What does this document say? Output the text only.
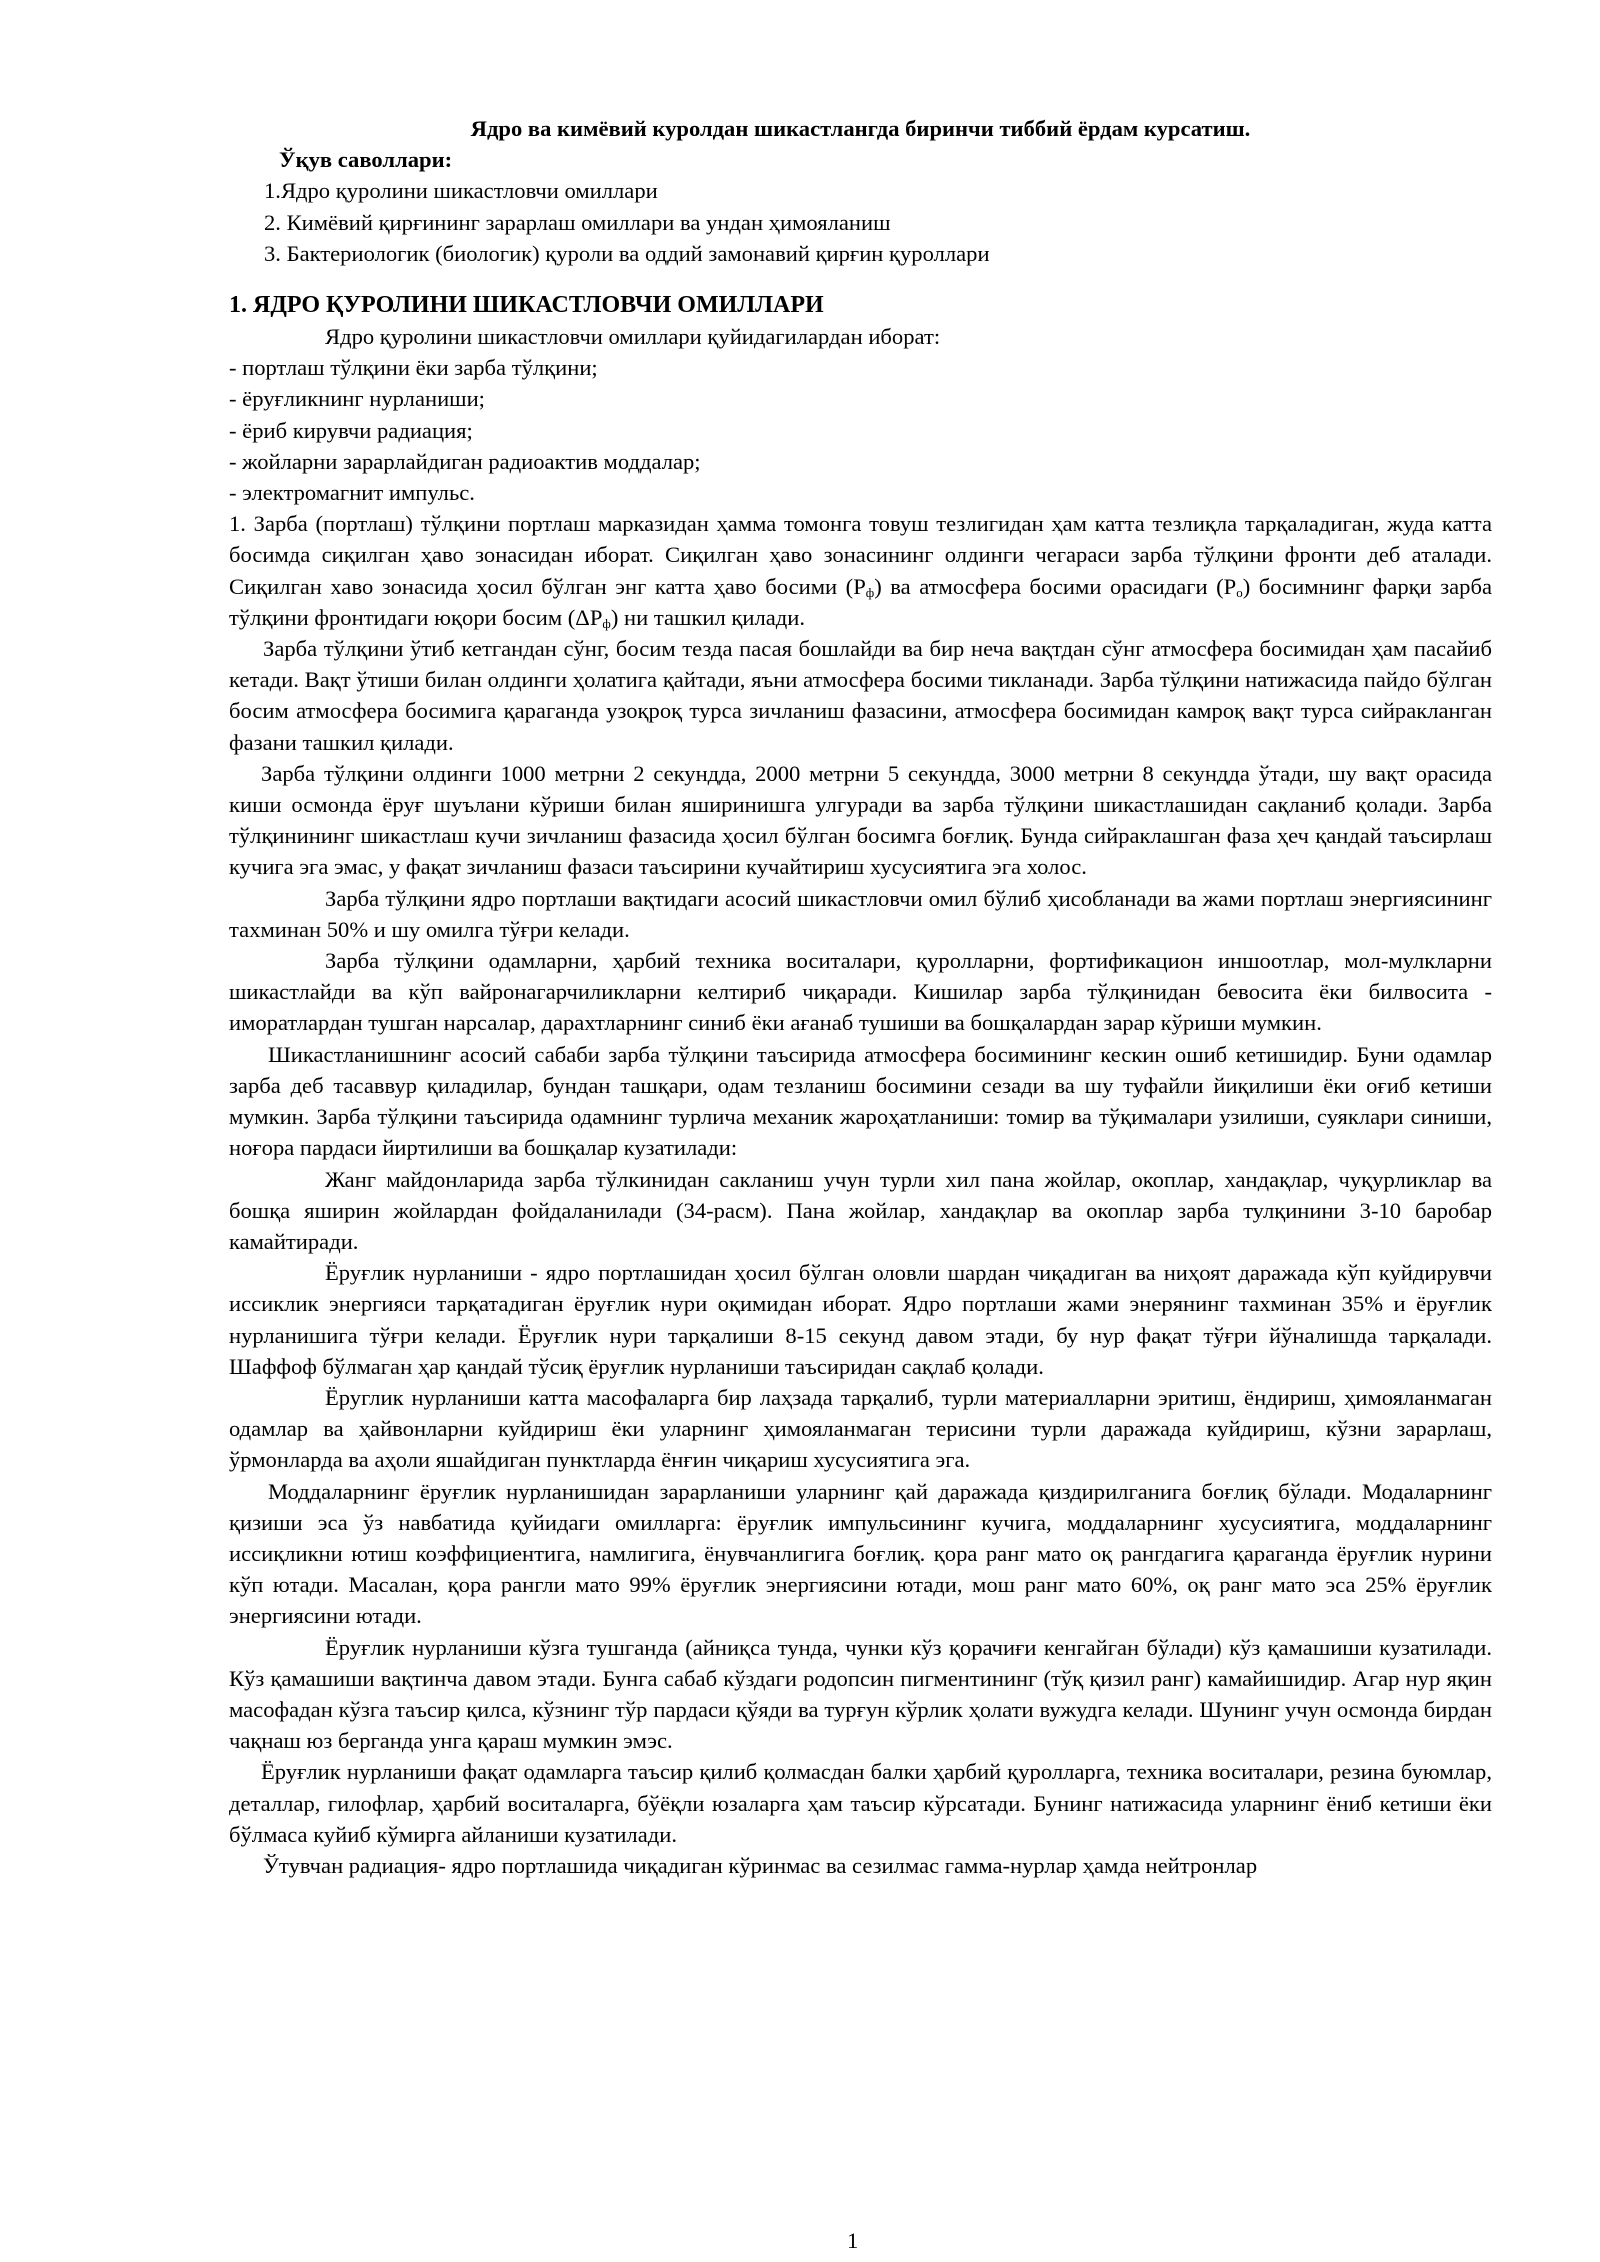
Ядро ва кимёвий куролдан шикастлангда биринчи тиббий ёрдам курсатиш.

Ўқув саволлари:

1.Ядро қуролини шикастловчи омиллари

2. Кимёвий қирғининг зарарлаш омиллари ва ундан ҳимояланиш

3. Бактериологик (биологик) қуроли ва оддий замонавий қирғин қуроллари

1. ЯДРО ҚУРОЛИНИ ШИКАСТЛОВЧИ ОМИЛЛАРИ

Ядро қуролини шикастловчи омиллари қуйидагилардан иборат:

- портлаш тўлқини ёки зарба тўлқини;

- ёруғликнинг нурланиши;

- ёриб кирувчи радиация;

- жойларни зарарлайдиган радиоактив моддалар;

- электромагнит импульс.

1. Зарба (портлаш) тўлқини портлаш марказидан ҳамма томонга товуш тезлигидан ҳам катта тезлиқла тарқаладиган, жуда катта босимда сиқилган ҳаво зонасидан иборат. Сиқилган ҳаво зонасининг олдинги чегараси зарба тўлқини фронти деб аталади. Сиқилган хаво зонасида ҳосил бўлган энг катта ҳаво босими $(Р_ф)$ ва атмосфера босими орасидаги $(Р_о)$ босимнинг фарқи зарба тўлқини фронтидаги юқори босим $(\Delta Р_ф)$ ни ташкил қилади.

Зарба тўлқини ўтиб кетгандан сўнг, босим тезда пасая бошлайди ва бир неча вақтдан сўнг атмосфера босимидан ҳам пасайиб кетади. Вақт ўтиши билан олдинги ҳолатига қайтади, яъни атмосфера босими тикланади. Зарба тўлқини натижасида пайдо бўлган босим атмосфера босимига қараганда узоқроқ турса зичланиш фазасини, атмосфера босимидан камроқ вақт турса сийракланган фазани ташкил қилади.

Зарба тўлқини олдинги 1000 метрни 2 секундда, 2000 метрни 5 секундда, 3000 метрни 8 секундда ўтади, шу вақт орасида киши осмонда ёруғ шуълани кўриши билан яширинишга улгуради ва зарба тўлқини шикастлашидан сақланиб қолади. Зарба тўлқинининг шикастлаш кучи зичланиш фазасида ҳосил бўлган босимга боғлиқ. Бунда сийраклашган фаза ҳеч қандай таъсирлаш кучига эга эмас, у фақат зичланиш фазаси таъсирини кучайтириш хусусиятига эга холос.

Зарба тўлқини ядро портлаши вақтидаги асосий шикастловчи омил бўлиб ҳисобланади ва жами портлаш энергиясининг тахминан 50% и шу омилга тўғри келади.

Зарба тўлқини одамларни, ҳарбий техника воситалари, қуролларни, фортификацион иншоотлар, мол-мулкларни шикастлайди ва кўп вайронагарчиликларни келтириб чиқаради. Кишилар зарба тўлқинидан бевосита ёки билвосита - иморатлардан тушган нарсалар, дарахтларнинг синиб ёки ағанаб тушиши ва бошқалардан зарар кўриши мумкин.

Шикастланишнинг асосий сабаби зарба тўлқини таъсирида атмосфера босимининг кескин ошиб кетишидир. Буни одамлар зарба деб тасаввур қиладилар, бундан ташқари, одам тезланиш босимини сезади ва шу туфайли йиқилиши ёки оғиб кетиши мумкин. Зарба тўлқини таъсирида одамнинг турлича механик жароҳатланиши: томир ва тўқималари узилиши, суяклари синиши, ноғора пардаси йиртилиши ва бошқалар кузатилади:

Жанг майдонларида зарба тўлкинидан сакланиш учун турли хил пана жойлар, окоплар, хандақлар, чуқурликлар ва бошқа яширин жойлардан фойдаланилади (34-расм). Пана жойлар, хандақлар ва окоплар зарба тулқинини 3-10 баробар камайтиради.

Ёруғлик нурланиши - ядро портлашидан ҳосил бўлган оловли шардан чиқадиган ва ниҳоят даражада кўп куйдирувчи иссиклик энергияси тарқатадиган ёруғлик нури оқимидан иборат. Ядро портлаши жами энерянинг тахминан 35% и ёруғлик нурланишига тўғри келади. Ёруғлик нури тарқалиши 8-15 секунд давом этади, бу нур фақат тўғри йўналишда тарқалади. Шаффоф бўлмаган ҳар қандай тўсиқ ёруғлик нурланиши таъсиридан сақлаб қолади.

Ёруглик нурланиши катта масофаларга бир лаҳзада тарқалиб, турли материалларни эритиш, ёндириш, ҳимояланмаган одамлар ва ҳайвонларни куйдириш ёки уларнинг ҳимояланмаган терисини турли даражада куйдириш, кўзни зарарлаш, ўрмонларда ва аҳоли яшайдиган пунктларда ёнғин чиқариш хусусиятига эга.

Моддаларнинг ёруғлик нурланишидан зарарланиши уларнинг қай даражада қиздирилганига боғлиқ бўлади. Модаларнинг қизиши эса ўз навбатида қуйидаги омилларга: ёруғлик импульсининг кучига, моддаларнинг хусусиятига, моддаларнинг иссиқликни ютиш коэффициентига, намлигига, ёнувчанлигига боғлиқ. қора ранг мато оқ рангдагига қараганда ёруғлик нурини кўп ютади. Масалан, қора рангли мато 99% ёруғлик энергиясини ютади, мош ранг мато 60%, оқ ранг мато эса 25% ёруғлик энергиясини ютади.

Ёруғлик нурланиши кўзга тушганда (айниқса тунда, чунки кўз қорачиғи кенгайган бўлади) кўз қамашиши кузатилади. Кўз қамашиши вақтинча давом этади. Бунга сабаб кўздаги родопсин пигментининг (тўқ қизил ранг) камайишидир. Агар нур яқин масофадан кўзга таъсир қилса, кўзнинг тўр пардаси қўяди ва турғун кўрлик ҳолати вужудга келади. Шунинг учун осмонда бирдан чақнаш юз берганда унга қараш мумкин эмэс.

Ёруғлик нурланиши фақат одамларга таъсир қилиб қолмасдан балки ҳарбий қуролларга, техника воситалари, резина буюмлар, деталлар, гилофлар, ҳарбий воситаларга, бўёқли юзаларга ҳам таъсир кўрсатади. Бунинг натижасида уларнинг ёниб кетиши ёки бўлмаса куйиб кўмирга айланиши кузатилади.

Ўтувчан радиация- ядро портлашида чиқадиган кўринмас ва сезилмас гамма-нурлар ҳамда нейтронлар

1
